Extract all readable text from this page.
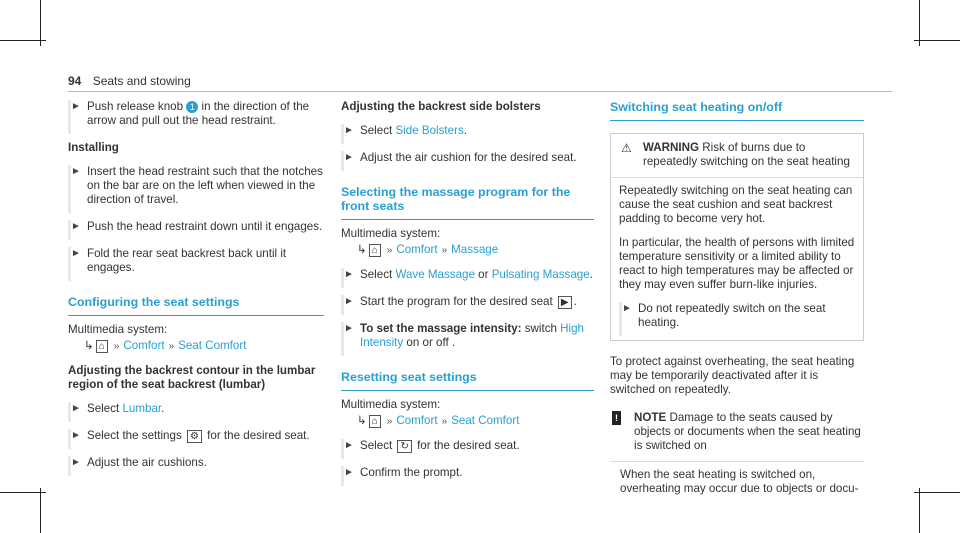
94 Seats and stowing
► Push release knob 1 in the direction of the arrow and pull out the head restraint.
Installing
► Insert the head restraint such that the notches on the bar are on the left when viewed in the direction of travel.
► Push the head restraint down until it engages.
► Fold the rear seat backrest back until it engages.
Configuring the seat settings
Multimedia system:
↳ ⌂ » Comfort » Seat Comfort
Adjusting the backrest contour in the lumbar region of the seat backrest (lumbar)
► Select Lumbar.
► Select the settings ⚙ for the desired seat.
► Adjust the air cushions.
Adjusting the backrest side bolsters
► Select Side Bolsters.
► Adjust the air cushion for the desired seat.
Selecting the massage program for the front seats
Multimedia system:
↳ ⌂ » Comfort » Massage
► Select Wave Massage or Pulsating Massage.
► Start the program for the desired seat ▶ .
► To set the massage intensity: switch High Intensity on or off .
Resetting seat settings
Multimedia system:
↳ ⌂ » Comfort » Seat Comfort
► Select ↻ for the desired seat.
► Confirm the prompt.
Switching seat heating on/off
⚠ WARNING Risk of burns due to repeatedly switching on the seat heating

Repeatedly switching on the seat heating can cause the seat cushion and seat backrest padding to become very hot.

In particular, the health of persons with limited temperature sensitivity or a limited ability to react to high temperatures may be affected or they may even suffer burn-like injuries.

► Do not repeatedly switch on the seat heating.

To protect against overheating, the seat heating may be temporarily deactivated after it is switched on repeatedly.

! NOTE Damage to the seats caused by objects or documents when the seat heating is switched on

When the seat heating is switched on, overheating may occur due to objects or docu-
